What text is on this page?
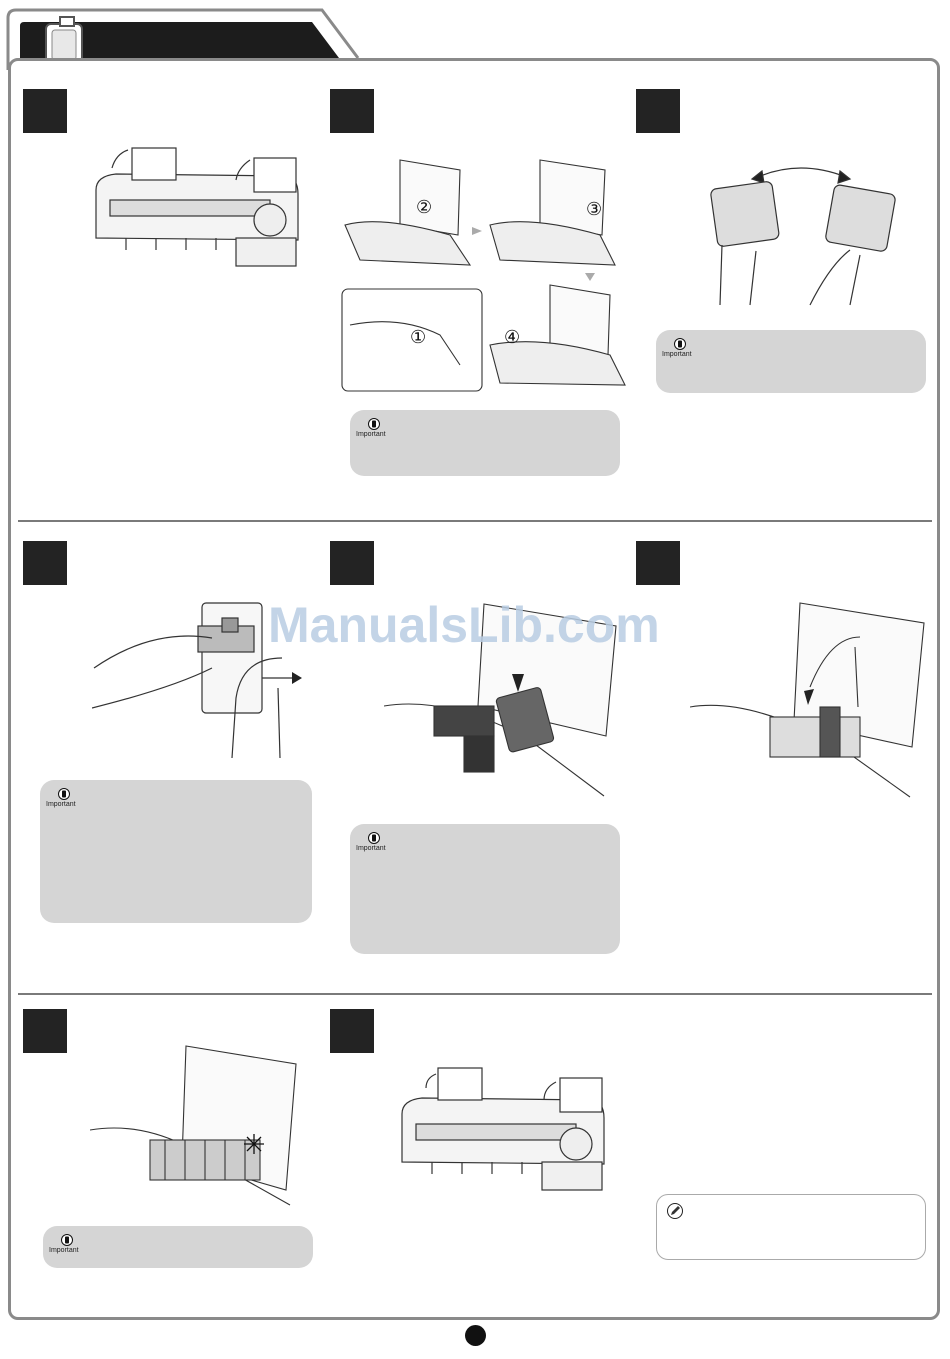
①
②	③
④
Important
Important
Important
Important
Important
ManualsLib.com
